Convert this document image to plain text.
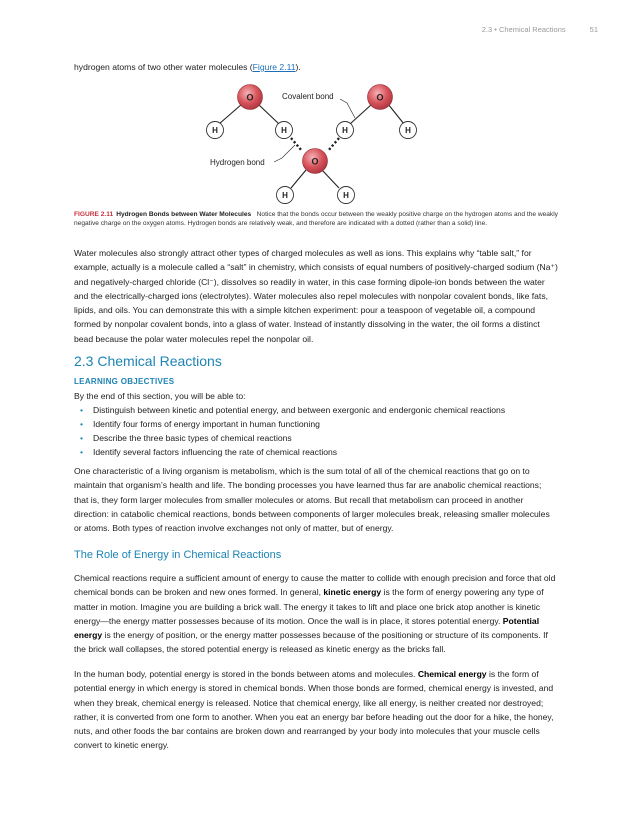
2.3 • Chemical Reactions	51

hydrogen atoms of two other water molecules (Figure 2.11).

O	O
O
H	H	H	H
H	H
Covalent bond
Hydrogen bond
FIGURE 2.11 Hydrogen Bonds between Water Molecules Notice that the bonds occur between the weakly positive charge on the hydrogen atoms and the weakly negative charge on the oxygen atoms. Hydrogen bonds are relatively weak, and therefore are indicated with a dotted (rather than a solid) line.

Water molecules also strongly attract other types of charged molecules as well as ions. This explains why “table salt,” for example, actually is a molecule called a “salt” in chemistry, which consists of equal numbers of positively-charged sodium (Na⁺) and negatively-charged chloride (Cl⁻), dissolves so readily in water, in this case forming dipole-ion bonds between the water and the electrically-charged ions (electrolytes). Water molecules also repel molecules with nonpolar covalent bonds, like fats, lipids, and oils. You can demonstrate this with a simple kitchen experiment: pour a teaspoon of vegetable oil, a compound formed by nonpolar covalent bonds, into a glass of water. Instead of instantly dissolving in the water, the oil forms a distinct bead because the polar water molecules repel the nonpolar oil.

2.3 Chemical Reactions
LEARNING OBJECTIVES

By the end of this section, you will be able to:

• Distinguish between kinetic and potential energy, and between exergonic and endergonic chemical reactions
• Identify four forms of energy important in human functioning
• Describe the three basic types of chemical reactions
• Identify several factors influencing the rate of chemical reactions

One characteristic of a living organism is metabolism, which is the sum total of all of the chemical reactions that go on to maintain that organism’s health and life. The bonding processes you have learned thus far are anabolic chemical reactions; that is, they form larger molecules from smaller molecules or atoms. But recall that metabolism can proceed in another direction: in catabolic chemical reactions, bonds between components of larger molecules break, releasing smaller molecules or atoms. Both types of reaction involve exchanges not only of matter, but of energy.

The Role of Energy in Chemical Reactions

Chemical reactions require a sufficient amount of energy to cause the matter to collide with enough precision and force that old chemical bonds can be broken and new ones formed. In general, kinetic energy is the form of energy powering any type of matter in motion. Imagine you are building a brick wall. The energy it takes to lift and place one brick atop another is kinetic energy—the energy matter possesses because of its motion. Once the wall is in place, it stores potential energy. Potential energy is the energy of position, or the energy matter possesses because of the positioning or structure of its components. If the brick wall collapses, the stored potential energy is released as kinetic energy as the bricks fall.

In the human body, potential energy is stored in the bonds between atoms and molecules. Chemical energy is the form of potential energy in which energy is stored in chemical bonds. When those bonds are formed, chemical energy is invested, and when they break, chemical energy is released. Notice that chemical energy, like all energy, is neither created nor destroyed; rather, it is converted from one form to another. When you eat an energy bar before heading out the door for a hike, the honey, nuts, and other foods the bar contains are broken down and rearranged by your body into molecules that your muscle cells convert to kinetic energy.
